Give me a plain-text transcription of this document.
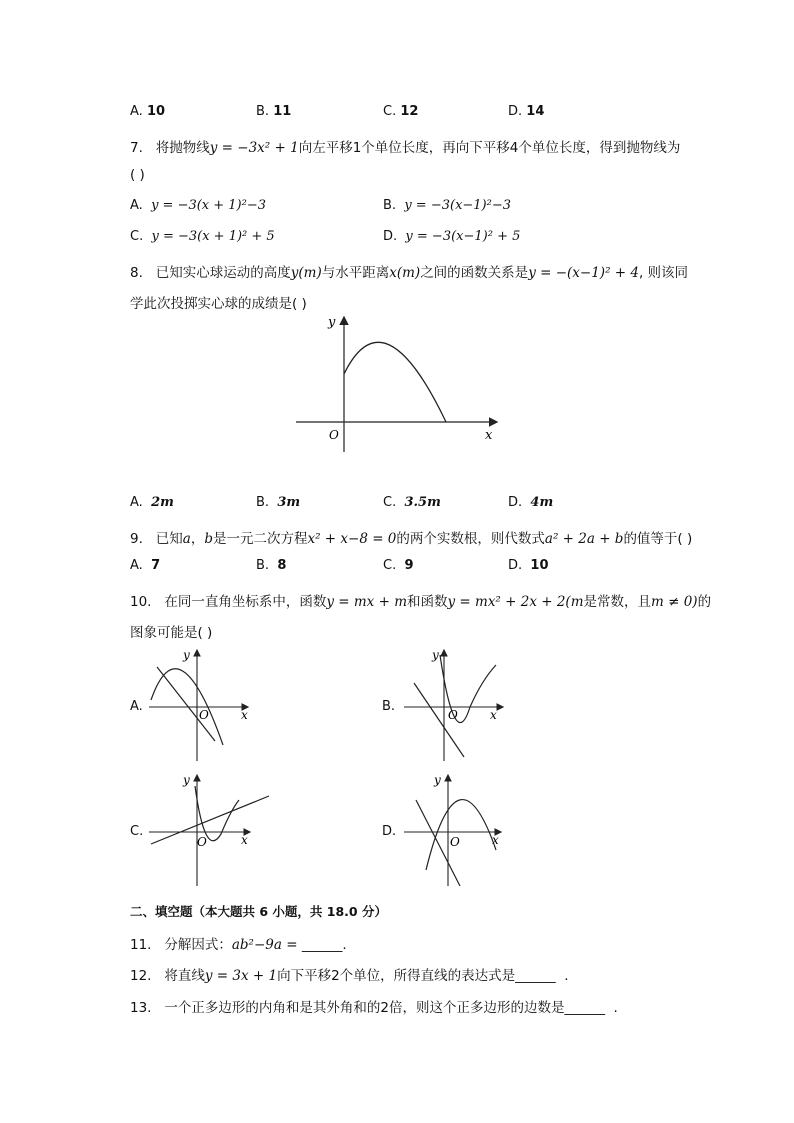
A. 10	B. 11	C. 12	D. 14
7. 将抛物线y = −3x² + 1向左平移1个单位长度，再向下平移4个单位长度，得到抛物线为
( )
A. y = −3(x + 1)²−3	B. y = −3(x−1)²−3
C. y = −3(x + 1)² + 5	D. y = −3(x−1)² + 5
8. 已知实心球运动的高度y(m)与水平距离x(m)之间的函数关系是y = −(x−1)² + 4, 则该同
学此次投掷实心球的成绩是( )
y
x
O
A. 2m	B. 3m	C. 3.5m	D. 4m
9. 已知a，b是一元二次方程x² + x−8 = 0的两个实数根，则代数式a² + 2a + b的值等于( )
A. 7	B. 8	C. 9	D. 10
10. 在同一直角坐标系中，函数y = mx + m和函数y = mx² + 2x + 2(m是常数，且m ≠ 0)的
图象可能是( )
A.
y
x
O
B.
y
x
O
C.
y
x
O
D.
y
x
O
二、填空题（本大题共 6 小题，共 18.0 分）
11. 分解因式：ab²−9a = ______.
12. 将直线y = 3x + 1向下平移2个单位，所得直线的表达式是______ .
13. 一个正多边形的内角和是其外角和的2倍，则这个正多边形的边数是______ .
